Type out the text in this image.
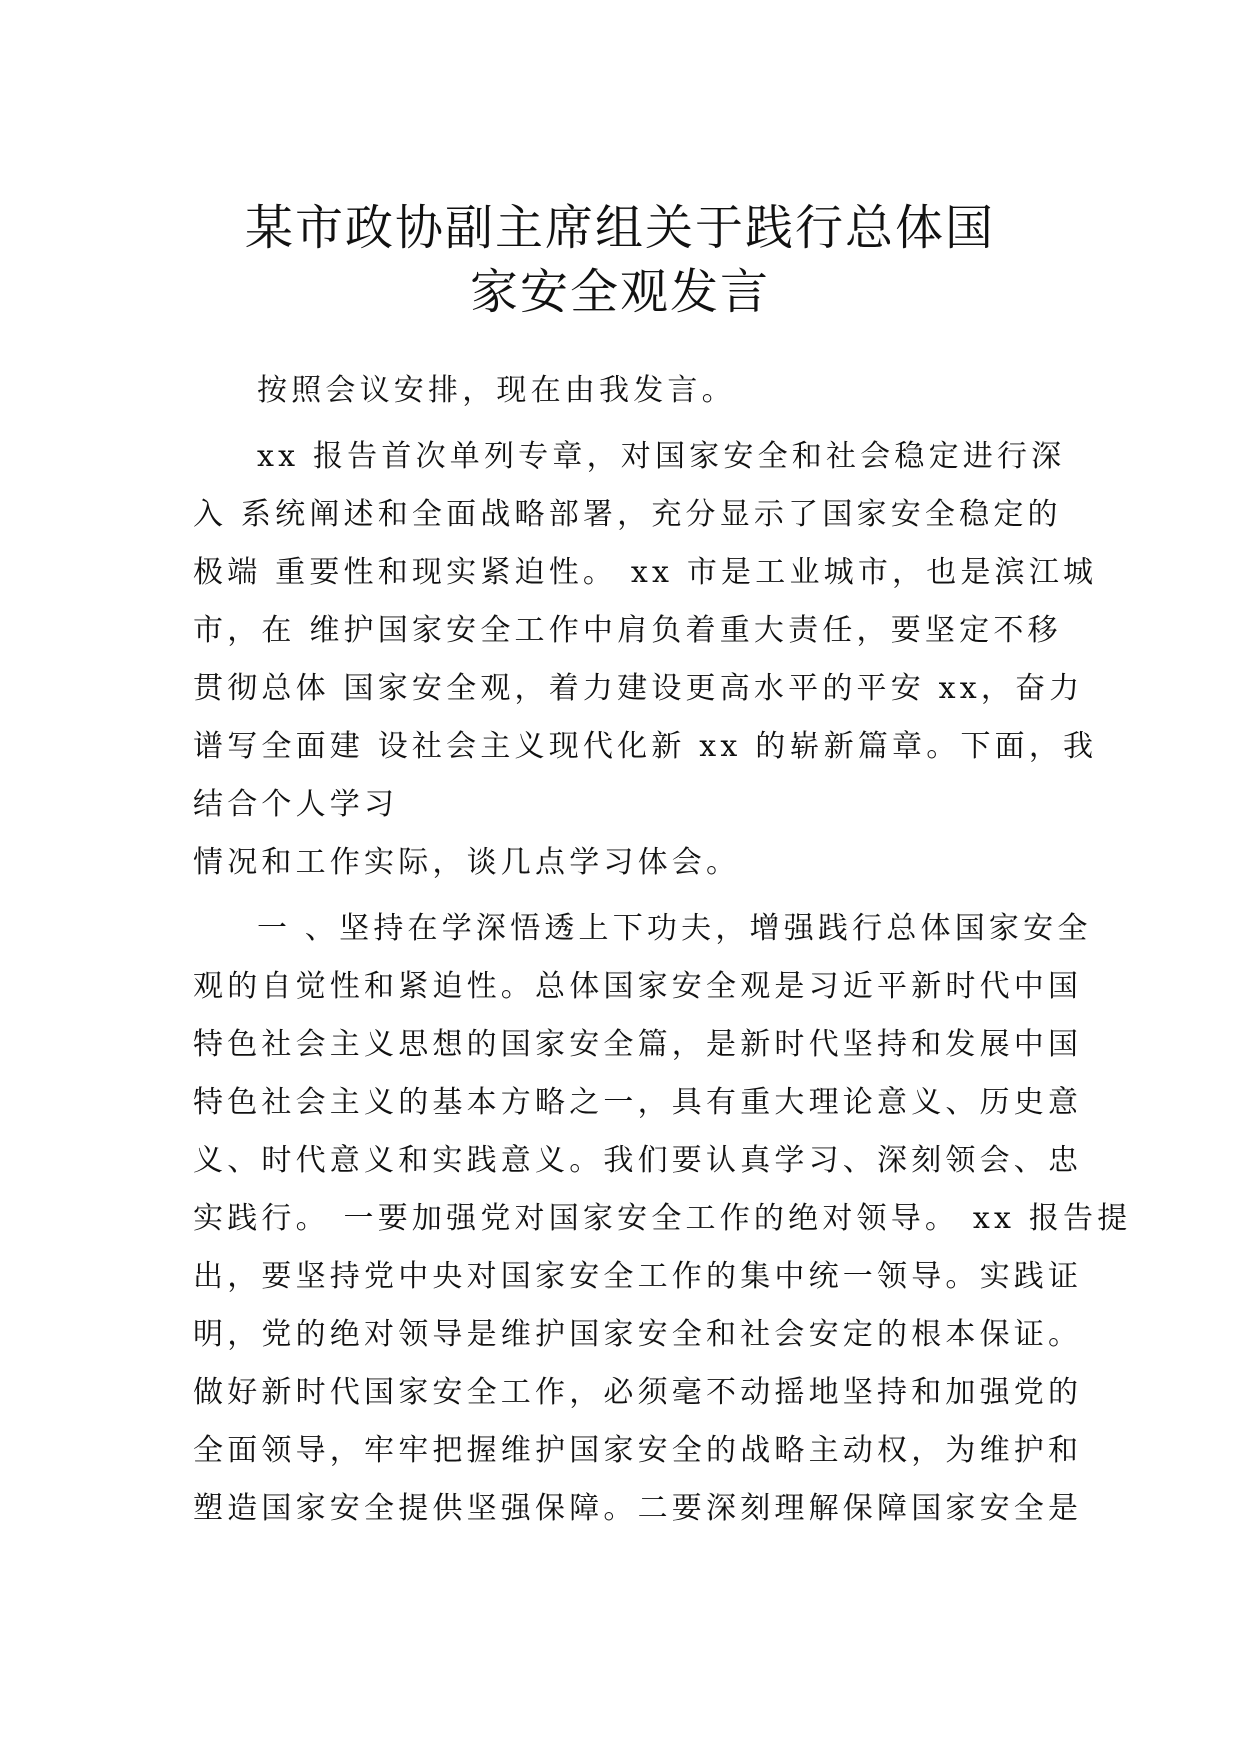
某市政协副主席组关于践行总体国
家安全观发言

按照会议安排，现在由我发言。

xx 报告首次单列专章，对国家安全和社会稳定进行深
入 系统阐述和全面战略部署，充分显示了国家安全稳定的
极端 重要性和现实紧迫性。 xx 市是工业城市，也是滨江城
市，在 维护国家安全工作中肩负着重大责任，要坚定不移
贯彻总体 国家安全观，着力建设更高水平的平安 xx，奋力
谱写全面建 设社会主义现代化新 xx 的崭新篇章。下面，我
结合个人学习
情况和工作实际，谈几点学习体会。

一 、坚持在学深悟透上下功夫，增强践行总体国家安全
观的自觉性和紧迫性。总体国家安全观是习近平新时代中国
特色社会主义思想的国家安全篇，是新时代坚持和发展中国
特色社会主义的基本方略之一，具有重大理论意义、历史意
义、时代意义和实践意义。我们要认真学习、深刻领会、忠
实践行。 一要加强党对国家安全工作的绝对领导。 xx 报告提
出，要坚持党中央对国家安全工作的集中统一领导。实践证
明，党的绝对领导是维护国家安全和社会安定的根本保证。
做好新时代国家安全工作，必须毫不动摇地坚持和加强党的
全面领导，牢牢把握维护国家安全的战略主动权，为维护和
塑造国家安全提供坚强保障。二要深刻理解保障国家安全是
